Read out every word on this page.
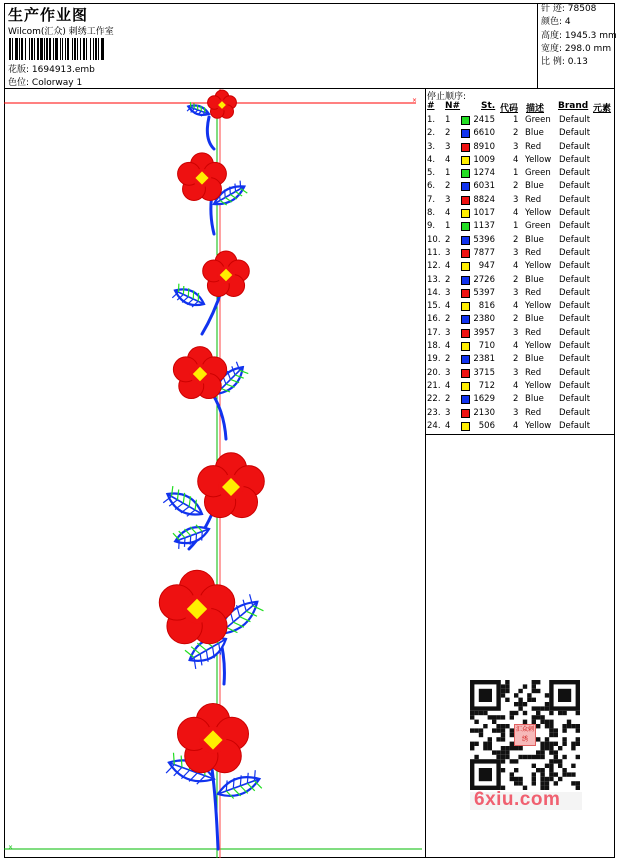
生产作业图
Wilcom(汇众) 刺绣工作室
花版: 1694913.emb
色位: Colorway 1
针 迹: 78508
颜色: 4
高度: 1945.3 mm
宽度: 298.0 mm
比 例: 0.13
×
×
停止顺序:
# N# St. 代码 描述 Brand 元素
1. 1	2415 1 Green Default
2. 2	6610 2 Blue Default
3. 3	8910 3 Red Default
4. 4	1009 4 Yellow Default
5. 1	1274 1 Green Default
6. 2	6031 2 Blue Default
7. 3	8824 3 Red Default
8. 4	1017 4 Yellow Default
9. 1	1137 1 Green Default
10. 2	5396 2 Blue Default
11. 3	7877 3 Red Default
12. 4	947 4 Yellow Default
13. 2	2726 2 Blue Default
14. 3	5397 3 Red Default
15. 4	816 4 Yellow Default
16. 2	2380 2 Blue Default
17. 3	3957 3 Red Default
18. 4	710 4 Yellow Default
19. 2	2381 2 Blue Default
20. 3	3715 3 Red Default
21. 4	712 4 Yellow Default
22. 2	1629 2 Blue Default
23. 3	2130 3 Red Default
24. 4	506 4 Yellow Default
汇众刺绣
6xiu.com
